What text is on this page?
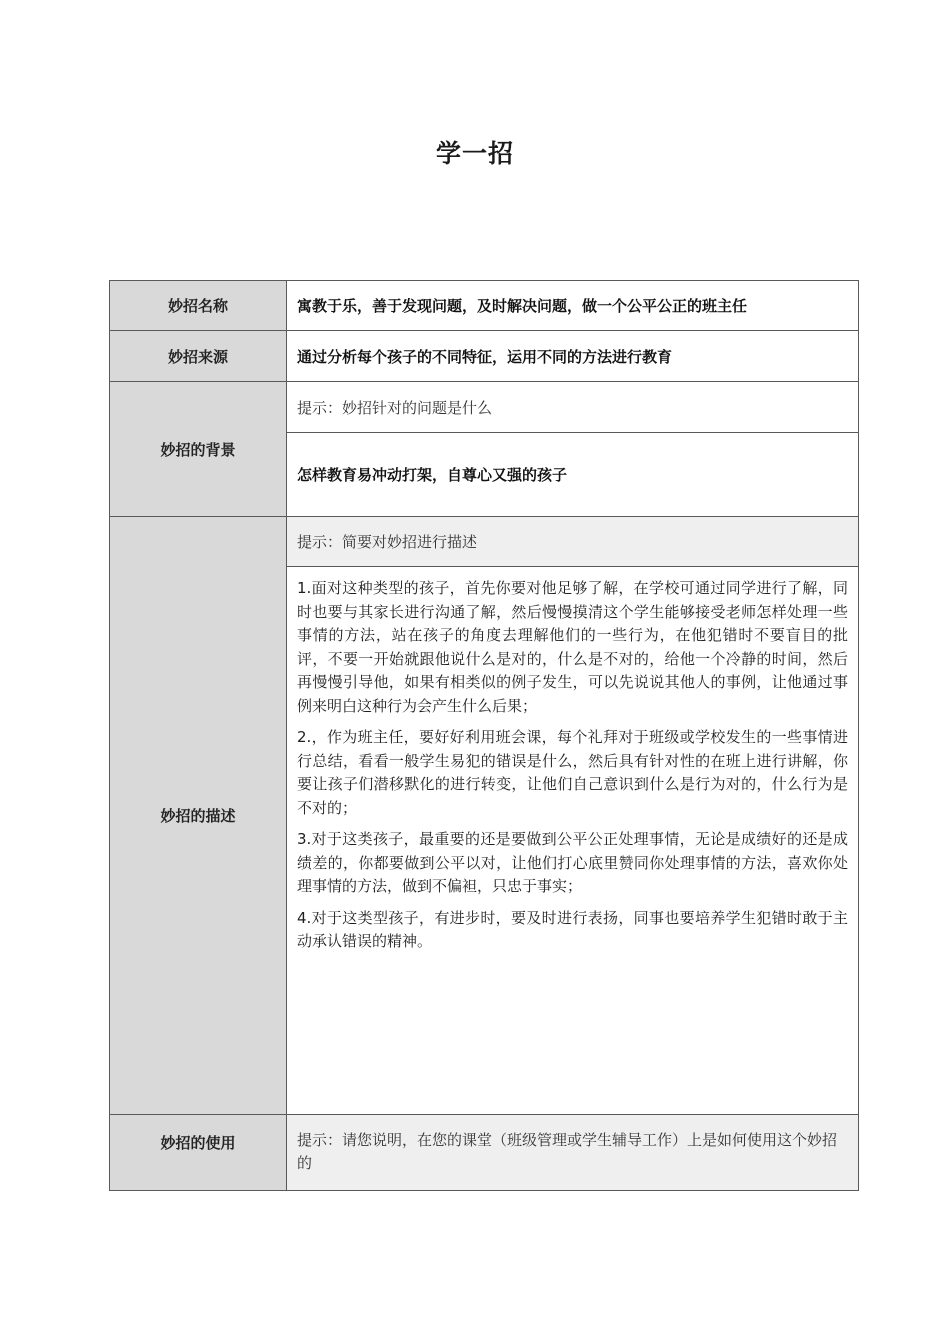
学一招
妙招名称	寓教于乐，善于发现问题，及时解决问题，做一个公平公正的班主任
妙招来源	通过分析每个孩子的不同特征，运用不同的方法进行教育
妙招的背景	提示：妙招针对的问题是什么
	怎样教育易冲动打架，自尊心又强的孩子
妙招的描述	提示：简要对妙招进行描述

	1.面对这种类型的孩子，首先你要对他足够了解，在学校可通过同学进行了解，同时也要与其家长进行沟通了解，然后慢慢摸清这个学生能够接受老师怎样处理一些事情的方法，站在孩子的角度去理解他们的一些行为，在他犯错时不要盲目的批评，不要一开始就跟他说什么是对的，什么是不对的，给他一个冷静的时间，然后再慢慢引导他，如果有相类似的例子发生，可以先说说其他人的事例，让他通过事例来明白这种行为会产生什么后果；

2.，作为班主任，要好好利用班会课，每个礼拜对于班级或学校发生的一些事情进行总结，看看一般学生易犯的错误是什么，然后具有针对性的在班上进行讲解，你要让孩子们潜移默化的进行转变，让他们自己意识到什么是行为对的，什么行为是不对的；

3.对于这类孩子，最重要的还是要做到公平公正处理事情，无论是成绩好的还是成绩差的，你都要做到公平以对，让他们打心底里赞同你处理事情的方法，喜欢你处理事情的方法，做到不偏袒，只忠于事实；

4.对于这类型孩子，有进步时，要及时进行表扬，同事也要培养学生犯错时敢于主动承认错误的精神。

妙招的使用	提示：请您说明，在您的课堂（班级管理或学生辅导工作）上是如何使用这个妙招的
